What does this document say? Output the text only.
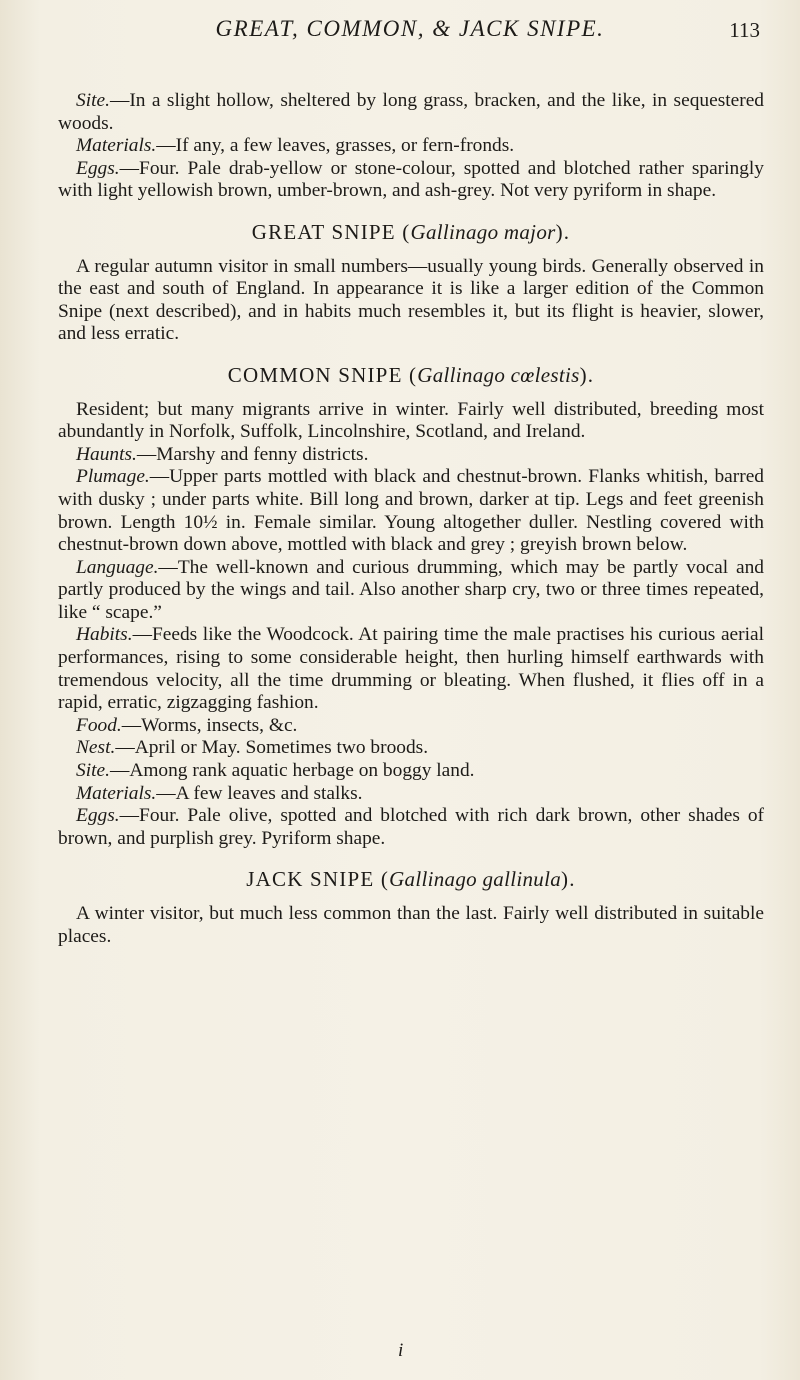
GREAT, COMMON, & JACK SNIPE.	113

Site.—In a slight hollow, sheltered by long grass, bracken, and the like, in sequestered woods.

Materials.—If any, a few leaves, grasses, or fern-fronds.

Eggs.—Four. Pale drab-yellow or stone-colour, spotted and blotched rather sparingly with light yellowish brown, umber-brown, and ash-grey. Not very pyriform in shape.

GREAT SNIPE (Gallinago major).

A regular autumn visitor in small numbers—usually young birds. Generally observed in the east and south of England. In appearance it is like a larger edition of the Common Snipe (next described), and in habits much resembles it, but its flight is heavier, slower, and less erratic.

COMMON SNIPE (Gallinago cœlestis).

Resident; but many migrants arrive in winter. Fairly well distributed, breeding most abundantly in Norfolk, Suffolk, Lincolnshire, Scotland, and Ireland.

Haunts.—Marshy and fenny districts.

Plumage.—Upper parts mottled with black and chestnut-brown. Flanks whitish, barred with dusky ; under parts white. Bill long and brown, darker at tip. Legs and feet greenish brown. Length 10½ in. Female similar. Young altogether duller. Nestling covered with chestnut-brown down above, mottled with black and grey ; greyish brown below.

Language.—The well-known and curious drumming, which may be partly vocal and partly produced by the wings and tail. Also another sharp cry, two or three times repeated, like “ scape.”

Habits.—Feeds like the Woodcock. At pairing time the male practises his curious aerial performances, rising to some considerable height, then hurling himself earthwards with tremendous velocity, all the time drumming or bleating. When flushed, it flies off in a rapid, erratic, zigzagging fashion.

Food.—Worms, insects, &c.

Nest.—April or May. Sometimes two broods.

Site.—Among rank aquatic herbage on boggy land.

Materials.—A few leaves and stalks.

Eggs.—Four. Pale olive, spotted and blotched with rich dark brown, other shades of brown, and purplish grey. Pyriform shape.

JACK SNIPE (Gallinago gallinula).

A winter visitor, but much less common than the last. Fairly well distributed in suitable places.

i
